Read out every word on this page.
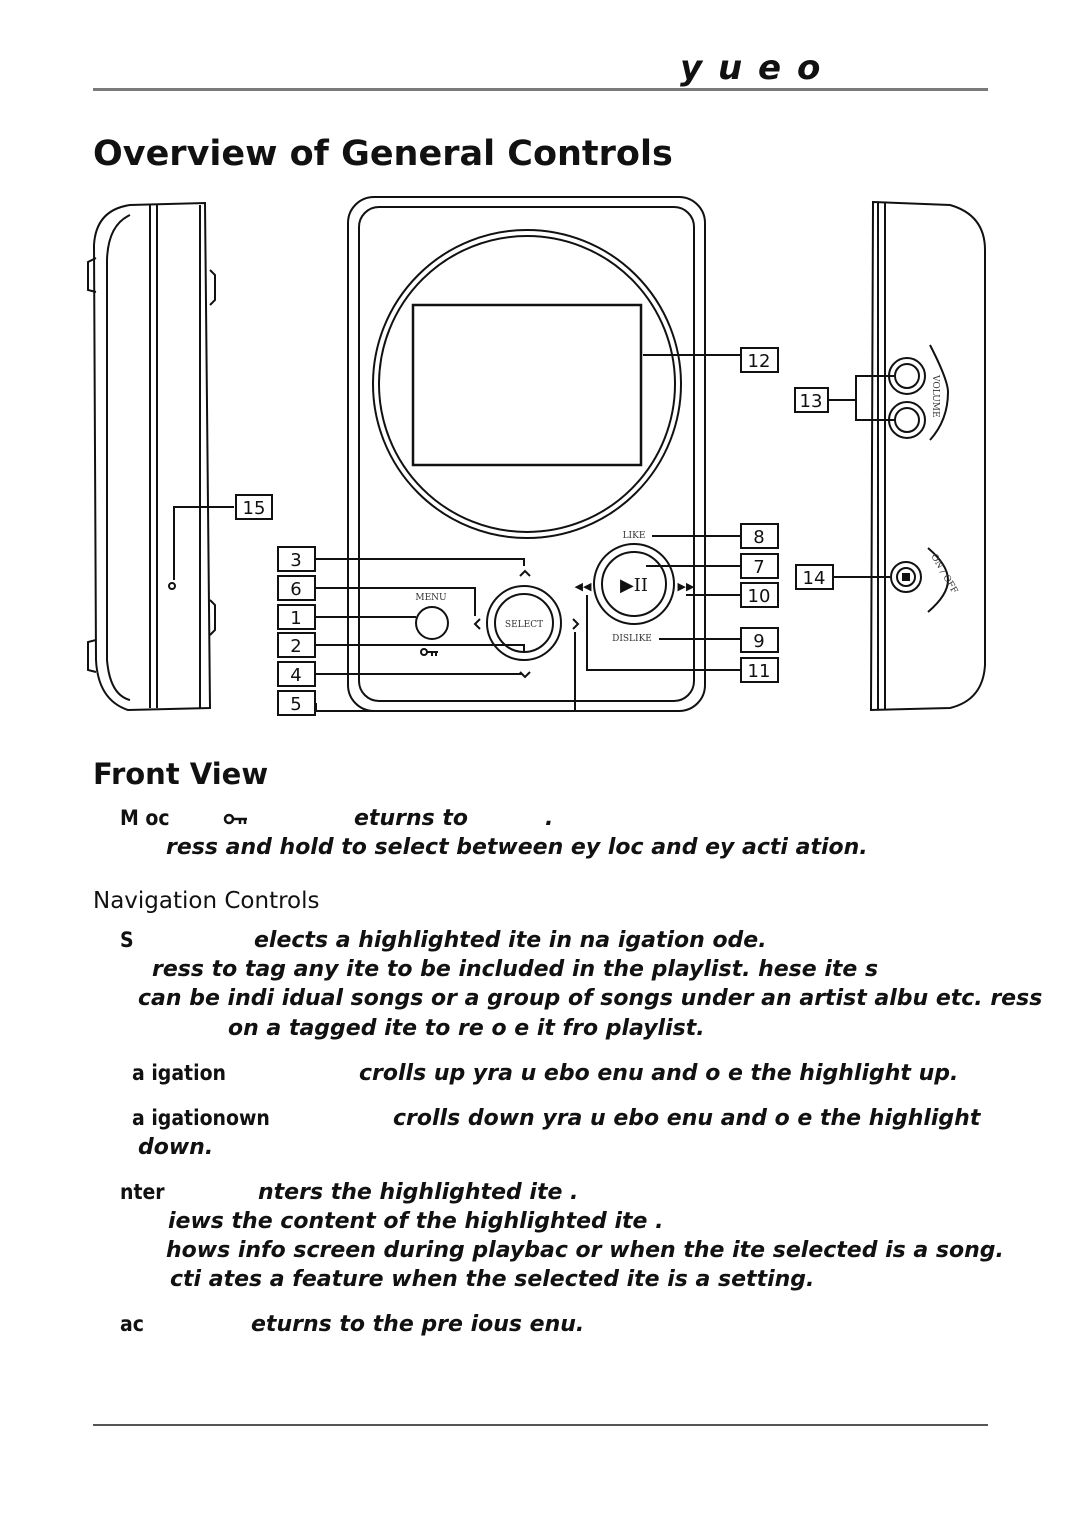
y u e o
Overview of General Controls
MENU
SELECT
▶II
LIKE
DISLIKE
◀◀	▶▶
VOLUME
ON / OFF
12
13
15
3
6
1
2
4
5
8
7
10
9
11
14
Front View
M oc	eturns to	.
ress and hold to select between ey loc and ey acti ation.
Navigation Controls
S	elects a highlighted ite in na igation ode.
ress to tag any ite to be included in the playlist. hese ite s
can be indi idual songs or a group of songs under an artist albu etc. ress
on a tagged ite to re o e it fro playlist.
a igation	crolls up yra u ebo enu and o e the highlight up.
a igationown	crolls down yra u ebo enu and o e the highlight
down.
nter	nters the highlighted ite .
iews the content of the highlighted ite .
hows info screen during playbac or when the ite selected is a song.
cti ates a feature when the selected ite is a setting.
ac	eturns to the pre ious enu.
